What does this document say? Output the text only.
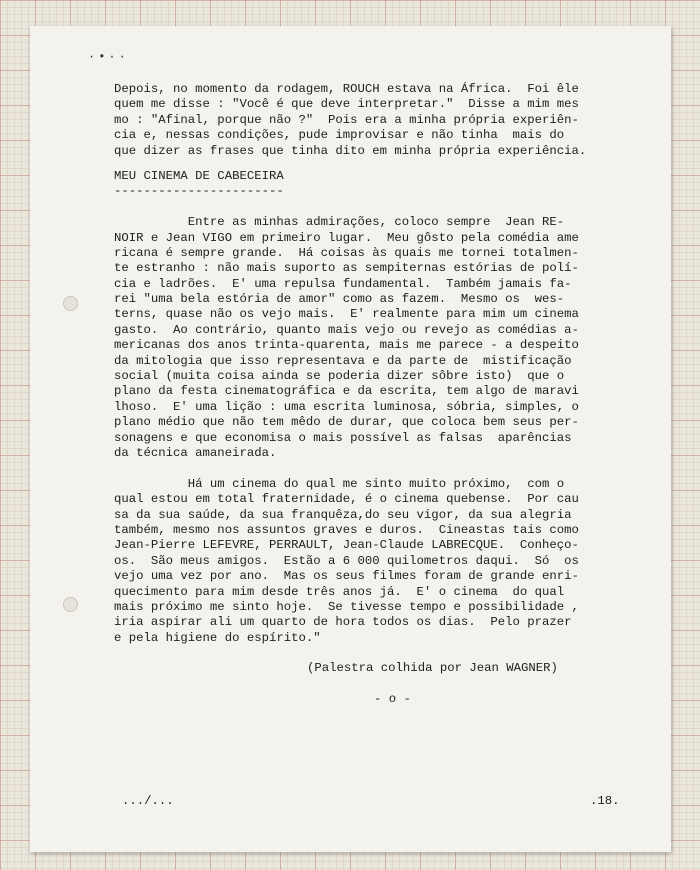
·•··
Depois, no momento da rodagem, ROUCH estava na África.  Foi êle
quem me disse : "Você é que deve interpretar."  Disse a mim mes
mo : "Afinal, porque não ?"  Pois era a minha própria experiên-
cia e, nessas condições, pude improvisar e não tinha  mais do
que dizer as frases que tinha dito em minha própria experiência.
MEU CINEMA DE CABECEIRA
-----------------------
Entre as minhas admirações, coloco sempre  Jean RE-
NOIR e Jean VIGO em primeiro lugar.  Meu gôsto pela comédia ame
ricana é sempre grande.  Há coisas às quais me tornei totalmen-
te estranho : não mais suporto as sempiternas estórias de polí-
cia e ladrões.  E' uma repulsa fundamental.  Também jamais fa-
rei "uma bela estória de amor" como as fazem.  Mesmo os  wes-
terns, quase não os vejo mais.  E' realmente para mim um cinema
gasto.  Ao contrário, quanto mais vejo ou revejo as comédias a-
mericanas dos anos trinta-quarenta, mais me parece - a despeito
da mitologia que isso representava e da parte de  mistificação
social (muita coisa ainda se poderia dizer sôbre isto)  que o
plano da festa cinematográfica e da escrita, tem algo de maravi
lhoso.  E' uma lição : uma escrita luminosa, sóbria, simples, o
plano médio que não tem mêdo de durar, que coloca bem seus per-
sonagens e que economisa o mais possível as falsas  aparências
da técnica amaneirada.
Há um cinema do qual me sinto muito próximo,  com o
qual estou em total fraternidade, é o cinema quebense.  Por cau
sa da sua saúde, da sua franquêza,do seu vigor, da sua alegria
também, mesmo nos assuntos graves e duros.  Cineastas tais como
Jean-Pierre LEFEVRE, PERRAULT, Jean-Claude LABRECQUE.  Conheço-
os.  São meus amigos.  Estão a 6 000 quilometros daqui.  Só  os
vejo uma vez por ano.  Mas os seus filmes foram de grande enri-
quecimento para mim desde três anos já.  E' o cinema  do qual
mais próximo me sinto hoje.  Se tivesse tempo e possibilidade ,
iria aspirar ali um quarto de hora todos os dias.  Pelo prazer
e pela higiene do espírito."
(Palestra colhida por Jean WAGNER)
- o -
.../...	.18.
